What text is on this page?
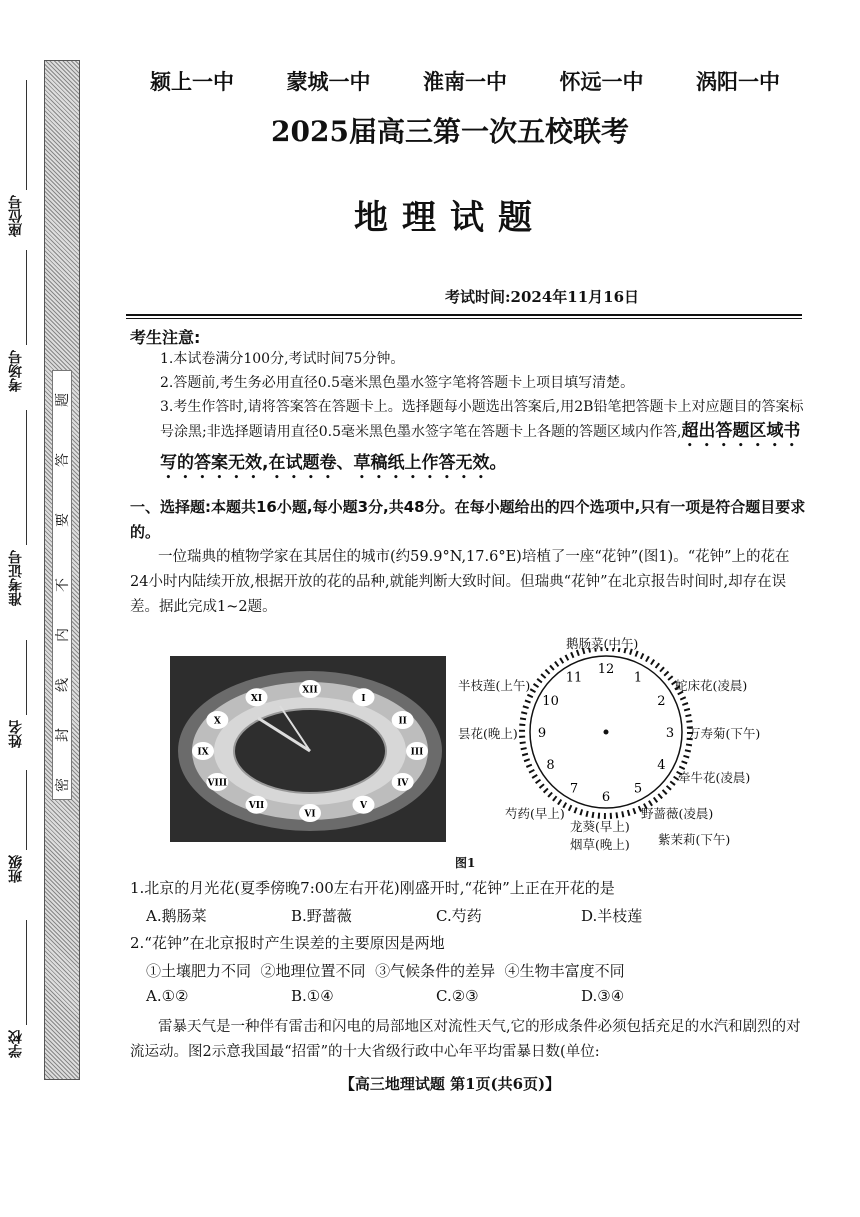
座位号
考场号
准考证号
姓名
班级
学校
密
封
线
内
不
要
答
题
颍上一中	蒙城一中	淮南一中	怀远一中	涡阳一中
2025届高三第一次五校联考
地理试题
考试时间:2024年11月16日
考生注意:
1.本试卷满分100分,考试时间75分钟。
2.答题前,考生务必用直径0.5毫米黑色墨水签字笔将答题卡上项目填写清楚。
3.考生作答时,请将答案答在答题卡上。选择题每小题选出答案后,用2B铅笔把答题卡上对应题目的答案标号涂黑;非选择题请用直径0.5毫米黑色墨水签字笔在答题卡上各题的答题区域内作答,超出答题区域书写的答案无效,在试题卷、草稿纸上作答无效。
一、选择题:本题共16小题,每小题3分,共48分。在每小题给出的四个选项中,只有一项是符合题目要求的。
一位瑞典的植物学家在其居住的城市(约59.9°N,17.6°E)培植了一座“花钟”(图1)。“花钟”上的花在24小时内陆续开放,根据开放的花的品种,就能判断大致时间。但瑞典“花钟”在北京报告时间时,却存在误差。据此完成1~2题。
XII
I
II
III
IV
V
VI
VII
VIII
IX
X
XI
12
1
2
3
4
5
6
7
8
9
10
11
鹅肠菜(中午)
半枝莲(上午)	蛇床花(凌晨)
昙花(晚上)	万寿菊(下午)
牵牛花(凌晨)
芍药(早上)	野蔷薇(凌晨)
龙葵(早上)
烟草(晚上) 紫茉莉(下午)
图1
1.北京的月光花(夏季傍晚7:00左右开花)刚盛开时,“花钟”上正在开花的是
A.鹅肠菜	B.野蔷薇	C.芍药	D.半枝莲
2.“花钟”在北京报时产生误差的主要原因是两地
①土壤肥力不同  ②地理位置不同  ③气候条件的差异  ④生物丰富度不同
A.①②	B.①④	C.②③	D.③④
雷暴天气是一种伴有雷击和闪电的局部地区对流性天气,它的形成条件必须包括充足的水汽和剧烈的对流运动。图2示意我国最“招雷”的十大省级行政中心年平均雷暴日数(单位:
【高三地理试题 第1页(共6页)】
